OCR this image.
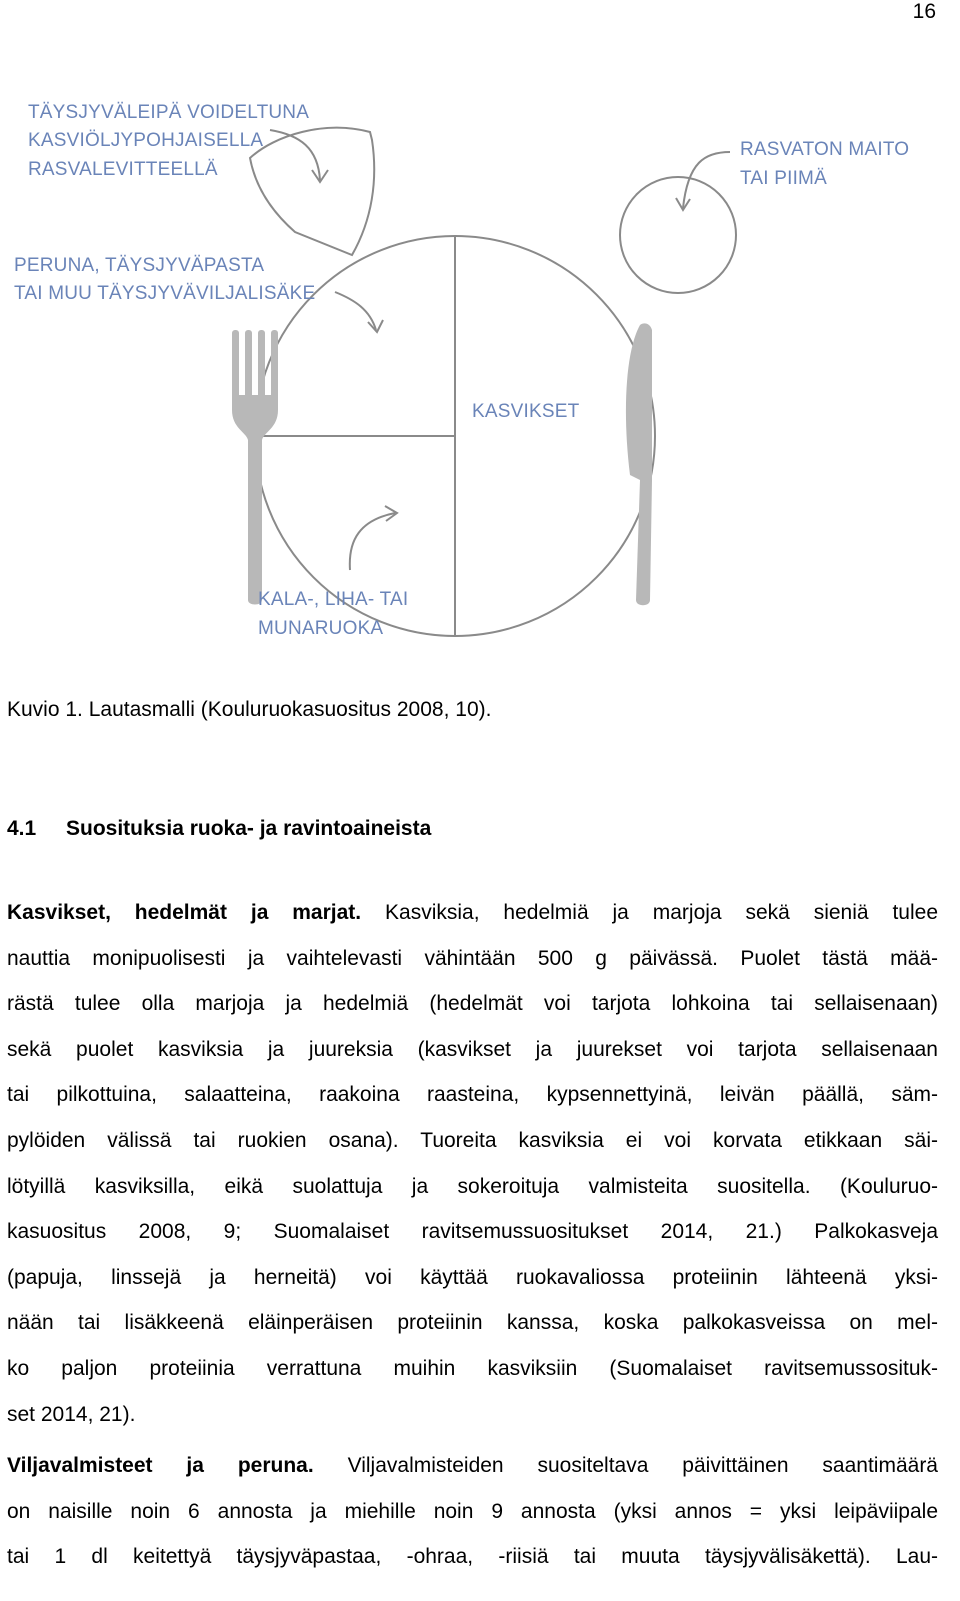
16
TÄYSJYVÄLEIPÄ VOIDELTUNA
KASVIÖLJYPOHJAISELLA
RASVALEVITTEELLÄ
RASVATON MAITO
TAI PIIMÄ
PERUNA, TÄYSJYVÄPASTA
TAI MUU TÄYSJYVÄVILJALISÄKE
KASVIKSET
KALA-, LIHA- TAI
MUNARUOKA
Kuvio 1. Lautasmalli (Kouluruokasuositus 2008, 10).
4.1 Suosituksia ruoka- ja ravintoaineista
Kasvikset, hedelmät ja marjat. Kasviksia, hedelmiä ja marjoja sekä sieniä tulee
nauttia monipuolisesti ja vaihtelevasti vähintään 500 g päivässä. Puolet tästä mää-
rästä tulee olla marjoja ja hedelmiä (hedelmät voi tarjota lohkoina tai sellaisenaan)
sekä puolet kasviksia ja juureksia (kasvikset ja juurekset voi tarjota sellaisenaan
tai pilkottuina, salaatteina, raakoina raasteina, kypsennettyinä, leivän päällä, säm-
pylöiden välissä tai ruokien osana). Tuoreita kasviksia ei voi korvata etikkaan säi-
lötyillä kasviksilla, eikä suolattuja ja sokeroituja valmisteita suositella. (Kouluruo-
kasuositus 2008, 9; Suomalaiset ravitsemussuositukset 2014, 21.) Palkokasveja
(papuja, linssejä ja herneitä) voi käyttää ruokavaliossa proteiinin lähteenä yksi-
nään tai lisäkkeenä eläinperäisen proteiinin kanssa, koska palkokasveissa on mel-
ko paljon proteiinia verrattuna muihin kasviksiin (Suomalaiset ravitsemussosituk-
set 2014, 21).
Viljavalmisteet ja peruna. Viljavalmisteiden suositeltava päivittäinen saantimäärä
on naisille noin 6 annosta ja miehille noin 9 annosta (yksi annos = yksi leipäviipale
tai 1 dl keitettyä täysjyväpastaa, -ohraa, -riisiä tai muuta täysjyvälisäkettä). Lau-
